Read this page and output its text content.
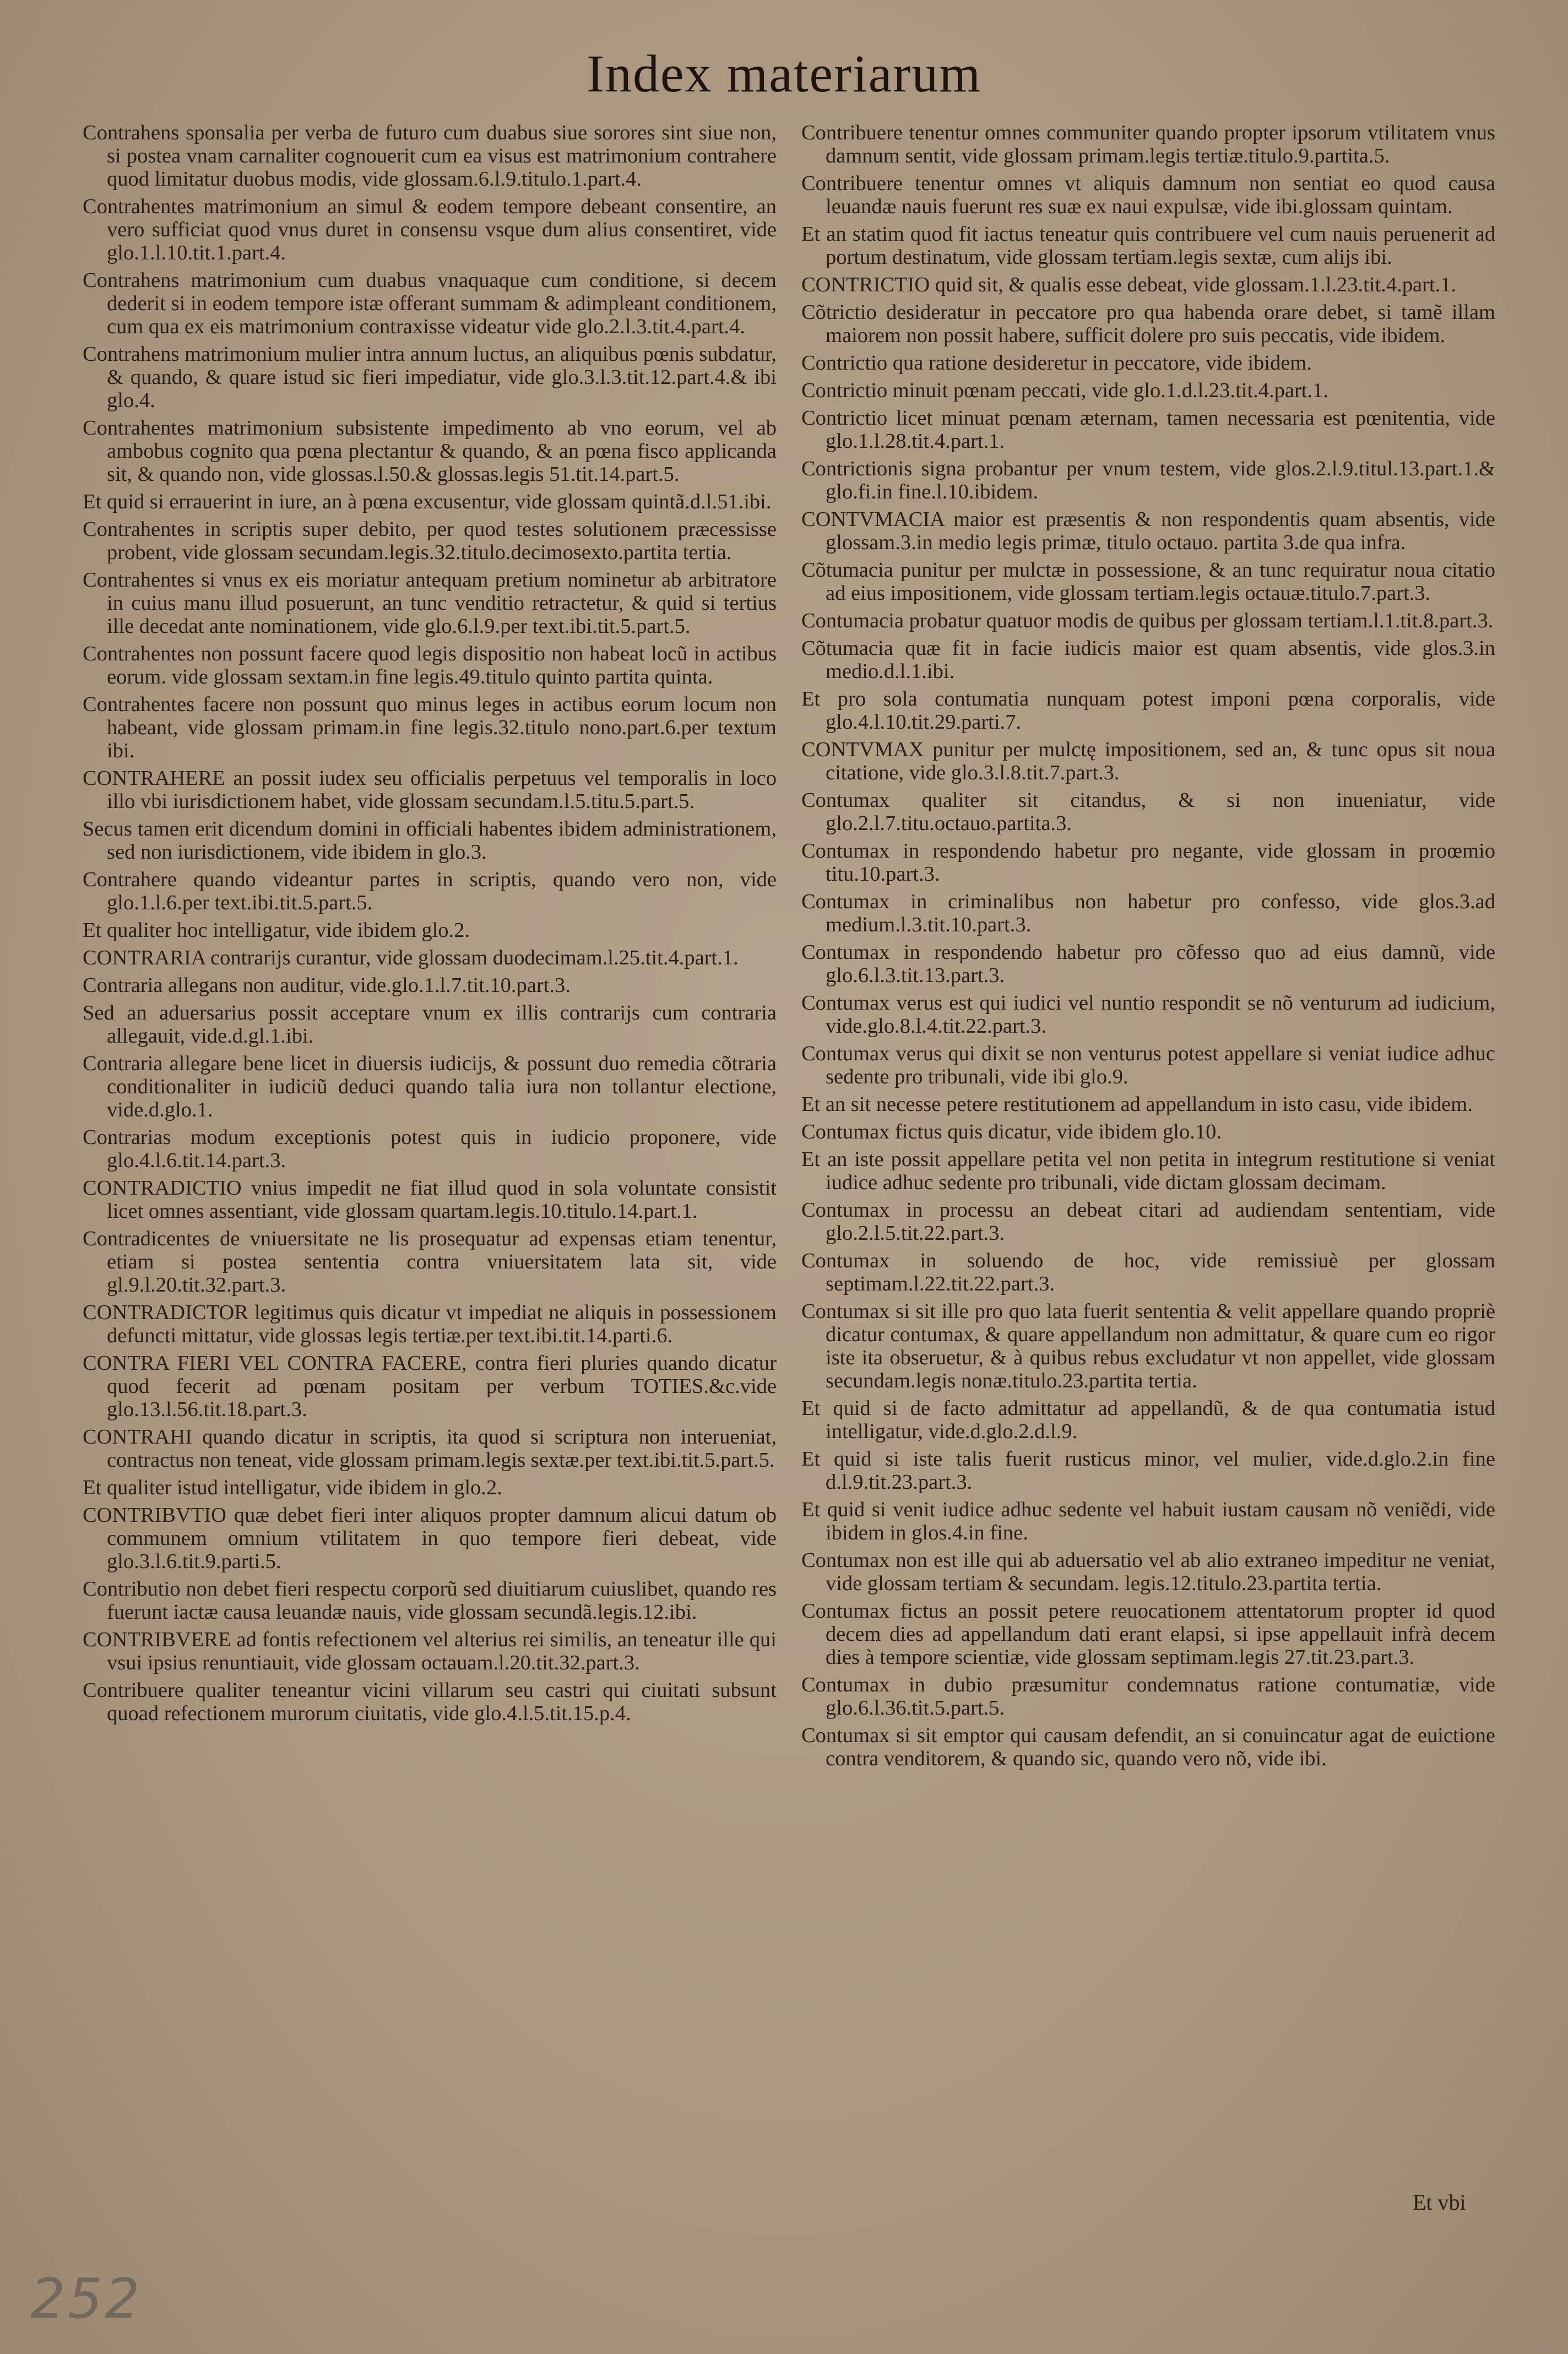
Index materiarum

Contrahens sponsalia per verba de futuro cum duabus siue sorores sint siue non, si postea vnam carnaliter cognouerit cum ea visus est matrimonium contrahere quod limitatur duobus modis, vide glossam.6.l.9.titulo.1.part.4.

Contrahentes matrimonium an simul & eodem tempore debeant consentire, an vero sufficiat quod vnus duret in consensu vsque dum alius consentiret, vide glo.1.l.10.tit.1.part.4.

Contrahens matrimonium cum duabus vnaquaque cum conditione, si decem dederit si in eodem tempore istæ offerant summam & adimpleant conditionem, cum qua ex eis matrimonium contraxisse videatur vide glo.2.l.3.tit.4.part.4.

Contrahens matrimonium mulier intra annum luctus, an aliquibus pœnis subdatur, & quando, & quare istud sic fieri impediatur, vide glo.3.l.3.tit.12.part.4.& ibi glo.4.

Contrahentes matrimonium subsistente impedimento ab vno eorum, vel ab ambobus cognito qua pœna plectantur & quando, & an pœna fisco applicanda sit, & quando non, vide glossas.l.50.& glossas.legis 51.tit.14.part.5.

Et quid si errauerint in iure, an à pœna excusentur, vide glossam quintã.d.l.51.ibi.

Contrahentes in scriptis super debito, per quod testes solutionem præcessisse probent, vide glossam secundam.legis.32.titulo.decimosexto.partita tertia.

Contrahentes si vnus ex eis moriatur antequam pretium nominetur ab arbitratore in cuius manu illud posuerunt, an tunc venditio retractetur, & quid si tertius ille decedat ante nominationem, vide glo.6.l.9.per text.ibi.tit.5.part.5.

Contrahentes non possunt facere quod legis dispositio non habeat locũ in actibus eorum. vide glossam sextam.in fine legis.49.titulo quinto partita quinta.

Contrahentes facere non possunt quo minus leges in actibus eorum locum non habeant, vide glossam primam.in fine legis.32.titulo nono.part.6.per textum ibi.

CONTRAHERE an possit iudex seu officialis perpetuus vel temporalis in loco illo vbi iurisdictionem habet, vide glossam secundam.l.5.titu.5.part.5.

Secus tamen erit dicendum domini in officiali habentes ibidem administrationem, sed non iurisdictionem, vide ibidem in glo.3.

Contrahere quando videantur partes in scriptis, quando vero non, vide glo.1.l.6.per text.ibi.tit.5.part.5.

Et qualiter hoc intelligatur, vide ibidem glo.2.

CONTRARIA contrarijs curantur, vide glossam duodecimam.l.25.tit.4.part.1.

Contraria allegans non auditur, vide.glo.1.l.7.tit.10.part.3.

Sed an aduersarius possit acceptare vnum ex illis contrarijs cum contraria allegauit, vide.d.gl.1.ibi.

Contraria allegare bene licet in diuersis iudicijs, & possunt duo remedia cõtraria conditionaliter in iudiciũ deduci quando talia iura non tollantur electione, vide.d.glo.1.

Contrarias modum exceptionis potest quis in iudicio proponere, vide glo.4.l.6.tit.14.part.3.

CONTRADICTIO vnius impedit ne fiat illud quod in sola voluntate consistit licet omnes assentiant, vide glossam quartam.legis.10.titulo.14.part.1.

Contradicentes de vniuersitate ne lis prosequatur ad expensas etiam tenentur, etiam si postea sententia contra vniuersitatem lata sit, vide gl.9.l.20.tit.32.part.3.

CONTRADICTOR legitimus quis dicatur vt impediat ne aliquis in possessionem defuncti mittatur, vide glossas legis tertiæ.per text.ibi.tit.14.parti.6.

CONTRA FIERI VEL CONTRA FACERE, contra fieri pluries quando dicatur quod fecerit ad pœnam positam per verbum TOTIES.&c.vide glo.13.l.56.tit.18.part.3.

CONTRAHI quando dicatur in scriptis, ita quod si scriptura non interueniat, contractus non teneat, vide glossam primam.legis sextæ.per text.ibi.tit.5.part.5.

Et qualiter istud intelligatur, vide ibidem in glo.2.

CONTRIBVTIO quæ debet fieri inter aliquos propter damnum alicui datum ob communem omnium vtilitatem in quo tempore fieri debeat, vide glo.3.l.6.tit.9.parti.5.

Contributio non debet fieri respectu corporũ sed diuitiarum cuiuslibet, quando res fuerunt iactæ causa leuandæ nauis, vide glossam secundã.legis.12.ibi.

CONTRIBVERE ad fontis refectionem vel alterius rei similis, an teneatur ille qui vsui ipsius renuntiauit, vide glossam octauam.l.20.tit.32.part.3.

Contribuere qualiter teneantur vicini villarum seu castri qui ciuitati subsunt quoad refectionem murorum ciuitatis, vide glo.4.l.5.tit.15.p.4.

Contribuere tenentur omnes communiter quando propter ipsorum vtilitatem vnus damnum sentit, vide glossam primam.legis tertiæ.titulo.9.partita.5.

Contribuere tenentur omnes vt aliquis damnum non sentiat eo quod causa leuandæ nauis fuerunt res suæ ex naui expulsæ, vide ibi.glossam quintam.

Et an statim quod fit iactus teneatur quis contribuere vel cum nauis peruenerit ad portum destinatum, vide glossam tertiam.legis sextæ, cum alijs ibi.

CONTRICTIO quid sit, & qualis esse debeat, vide glossam.1.l.23.tit.4.part.1.

Cõtrictio desideratur in peccatore pro qua habenda orare debet, si tamẽ illam maiorem non possit habere, sufficit dolere pro suis peccatis, vide ibidem.

Contrictio qua ratione desideretur in peccatore, vide ibidem.

Contrictio minuit pœnam peccati, vide glo.1.d.l.23.tit.4.part.1.

Contrictio licet minuat pœnam æternam, tamen necessaria est pœnitentia, vide glo.1.l.28.tit.4.part.1.

Contrictionis signa probantur per vnum testem, vide glos.2.l.9.titul.13.part.1.& glo.fi.in fine.l.10.ibidem.

CONTVMACIA maior est præsentis & non respondentis quam absentis, vide glossam.3.in medio legis primæ, titulo octauo. partita 3.de qua infra.

Cõtumacia punitur per mulctæ in possessione, & an tunc requiratur noua citatio ad eius impositionem, vide glossam tertiam.legis octauæ.titulo.7.part.3.

Contumacia probatur quatuor modis de quibus per glossam tertiam.l.1.tit.8.part.3.

Cõtumacia quæ fit in facie iudicis maior est quam absentis, vide glos.3.in medio.d.l.1.ibi.

Et pro sola contumatia nunquam potest imponi pœna corporalis, vide glo.4.l.10.tit.29.parti.7.

CONTVMAX punitur per mulctę impositionem, sed an, & tunc opus sit noua citatione, vide glo.3.l.8.tit.7.part.3.

Contumax qualiter sit citandus, & si non inueniatur, vide glo.2.l.7.titu.octauo.partita.3.

Contumax in respondendo habetur pro negante, vide glossam in proœmio titu.10.part.3.

Contumax in criminalibus non habetur pro confesso, vide glos.3.ad medium.l.3.tit.10.part.3.

Contumax in respondendo habetur pro cõfesso quo ad eius damnũ, vide glo.6.l.3.tit.13.part.3.

Contumax verus est qui iudici vel nuntio respondit se nõ venturum ad iudicium, vide.glo.8.l.4.tit.22.part.3.

Contumax verus qui dixit se non venturus potest appellare si veniat iudice adhuc sedente pro tribunali, vide ibi glo.9.

Et an sit necesse petere restitutionem ad appellandum in isto casu, vide ibidem.

Contumax fictus quis dicatur, vide ibidem glo.10.

Et an iste possit appellare petita vel non petita in integrum restitutione si veniat iudice adhuc sedente pro tribunali, vide dictam glossam decimam.

Contumax in processu an debeat citari ad audiendam sententiam, vide glo.2.l.5.tit.22.part.3.

Contumax in soluendo de hoc, vide remissiuè per glossam septimam.l.22.tit.22.part.3.

Contumax si sit ille pro quo lata fuerit sententia & velit appellare quando propriè dicatur contumax, & quare appellandum non admittatur, & quare cum eo rigor iste ita obseruetur, & à quibus rebus excludatur vt non appellet, vide glossam secundam.legis nonæ.titulo.23.partita tertia.

Et quid si de facto admittatur ad appellandũ, & de qua contumatia istud intelligatur, vide.d.glo.2.d.l.9.

Et quid si iste talis fuerit rusticus minor, vel mulier, vide.d.glo.2.in fine d.l.9.tit.23.part.3.

Et quid si venit iudice adhuc sedente vel habuit iustam causam nõ veniẽdi, vide ibidem in glos.4.in fine.

Contumax non est ille qui ab aduersatio vel ab alio extraneo impeditur ne veniat, vide glossam tertiam & secundam. legis.12.titulo.23.partita tertia.

Contumax fictus an possit petere reuocationem attentatorum propter id quod decem dies ad appellandum dati erant elapsi, si ipse appellauit infrà decem dies à tempore scientiæ, vide glossam septimam.legis 27.tit.23.part.3.

Contumax in dubio præsumitur condemnatus ratione contumatiæ, vide glo.6.l.36.tit.5.part.5.

Contumax si sit emptor qui causam defendit, an si conuincatur agat de euictione contra venditorem, & quando sic, quando vero nõ, vide ibi.

Et vbi
252
